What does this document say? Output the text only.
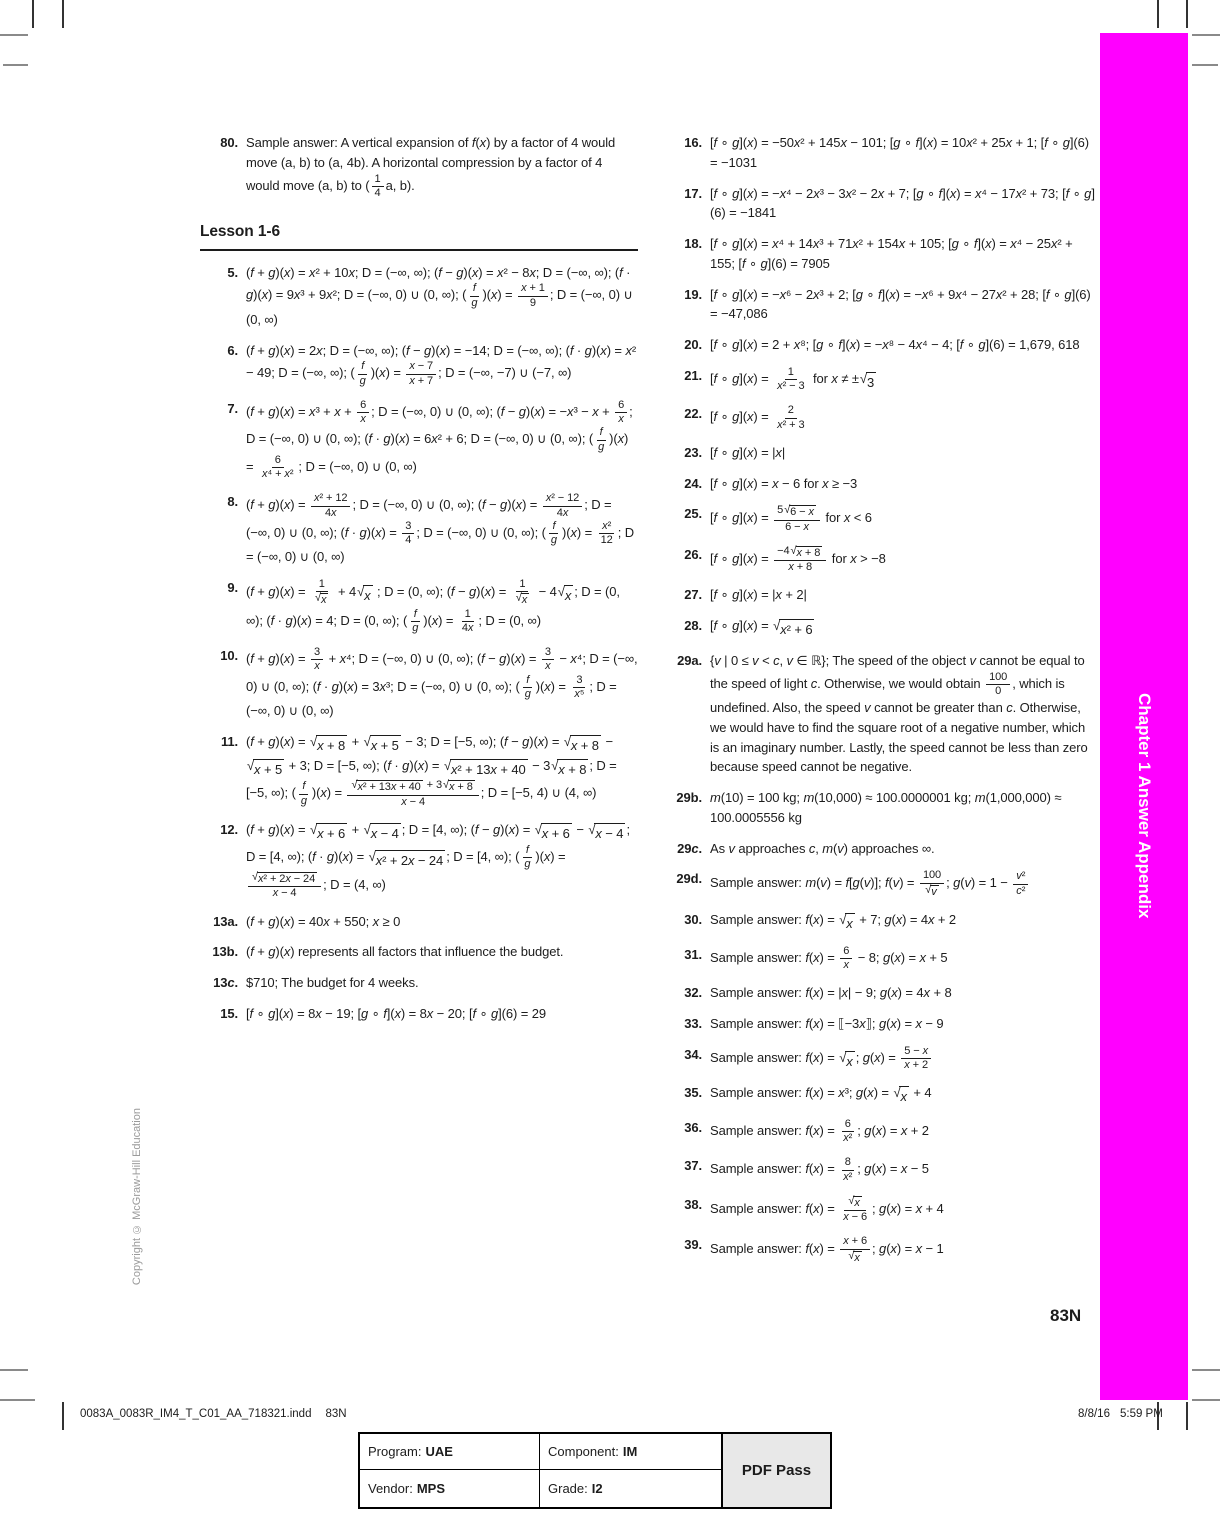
80. Sample answer: A vertical expansion of f(x) by a factor of 4 would move (a, b) to (a, 4b). A horizontal compression by a factor of 4 would move (a, b) to ( $\frac{1}{4} a$, b).
Lesson 1-6
5. (f + g)(x) = x² + 10x; D = (−∞, ∞); (f − g)(x) = x² − 8x; D = (−∞, ∞); (f · g)(x) = 9x³ + 9x²; D = (−∞, 0) ∪ (0, ∞); ( $\frac{f}{g} )(x) = \frac{x + 1}{9}$ ; D = (−∞, 0) ∪ (0, ∞)
6. (f + g)(x) = 2x; D = (−∞, ∞); (f − g)(x) = −14; D = (−∞, ∞); (f · g)(x) = x² − 49; D = (−∞, ∞); ( $\frac{f}{g} )(x) = \frac{x - 7}{x + 7}$ ; D = (−∞, −7) ∪ (−7, ∞)
7. $(f + g)(x) = x^3 + x + \frac{6}{x}$ ; D = (−∞, 0) ∪ (0, ∞); $(f - g)(x) = -x^3 - x + \frac{6}{x}$ ; D = (−∞, 0) ∪ (0, ∞); (f · g)(x) = 6x² + 6; D = (−∞, 0) ∪ (0, ∞); ( $\frac{f}{g} )(x) = \frac{6}{\text{x⁴ + x²}}$ ; D = (−∞, 0) ∪ (0, ∞)
8. $(f + g)(x) = \frac{\text{x² + 12}}{4x}$ ; D = (−∞, 0) ∪ (0, ∞); $(f - g)(x) = \frac{\text{x² − 12}}{4x}$ ; D = (−∞, 0) ∪ (0, ∞); $(f \cdot g)(x) = \frac{3}{4}$ ; D = (−∞, 0) ∪ (0, ∞); ( $\frac{f}{g} )(x) = \frac{\text{x²}}{12}$ ; D = (−∞, 0) ∪ (0, ∞)
9. $(f + g)(x) = \frac{1}{√ x} + 4$ √ x ; D = (0, ∞); $(f - g)(x) = \frac{1}{√ x} - 4$ √ x ; D = (0, ∞); (f · g)(x) = 4; D = (0, ∞); ( $\frac{f}{g} )(x) = \frac{1}{4x}$ ; D = (0, ∞)
10. $(f + g)(x) = \frac{3}{x} + x^4$; D = (−∞, 0) ∪ (0, ∞); $(f - g)(x) = \frac{3}{x} - x^4$; D = (−∞, 0) ∪ (0, ∞); (f · g)(x) = 3x³; D = (−∞, 0) ∪ (0, ∞); ( $\frac{f}{g} )(x) = \frac{3}{\text{x⁵}}$ ; D = (−∞, 0) ∪ (0, ∞)
11. (f + g)(x) = √ x + 8 + √ x + 5 − 3; D = [−5, ∞); (f − g)(x) = √ x + 8 −
√ x + 5 + 3; D = [−5, ∞); (f · g)(x) = √ x² + 13x + 40 − 3 √ x + 8 ; D = [−5, ∞); ( $\frac{f}{g} )(x) = \frac{\text{√ x² + 13x + 40 + 3 √ x + 8}}{x - 4}$ ; D = [−5, 4) ∪ (4, ∞)
12. (f + g)(x) = √ x + 6 + √ x − 4 ; D = [4, ∞); (f − g)(x) = √ x + 6 − √ x − 4 ; D = [4, ∞); (f · g)(x) = √ x² + 2x − 24 ; D = [4, ∞); ( $\frac{f}{g} )(x)$ =
$\frac{\text{√ x² + 2x − 24}}{x - 4}$ ; D = (4, ∞)
13a. (f + g)(x) = 40x + 550; x ≥ 0
13b. (f + g)(x) represents all factors that influence the budget.
13c. $710; The budget for 4 weeks.
15. [f ∘ g](x) = 8x − 19; [g ∘ f](x) = 8x − 20; [f ∘ g](6) = 29
16. [f ∘ g](x) = −50x² + 145x − 101; [g ∘ f](x) = 10x² + 25x + 1; [f ∘ g](6) = −1031
17. [f ∘ g](x) = −x⁴ − 2x³ − 3x² − 2x + 7; [g ∘ f](x) = x⁴ − 17x² + 73; [f ∘ g](6) = −1841
18. [f ∘ g](x) = x⁴ + 14x³ + 71x² + 154x + 105; [g ∘ f](x) = x⁴ − 25x² + 155; [f ∘ g](6) = 7905
19. [f ∘ g](x) = −x⁶ − 2x³ + 2; [g ∘ f](x) = −x⁶ + 9x⁴ − 27x² + 28; [f ∘ g](6) = −47,086
20. [f ∘ g](x) = 2 + x⁸; [g ∘ f](x) = −x⁸ − 4x⁴ − 4; [f ∘ g](6) = 1,679, 618
21. [f ∘ $g](x) = \frac{1}{\text{x² − 3}}$ for x ≠ ± √ 3
22. [f ∘ $g](x) = \frac{2}{\text{x² + 3}}$
23. [f ∘ g](x) = |x|
24. [f ∘ g](x) = x − 6 for x ≥ −3
25. [f ∘ $g](x) = \frac{5 √ 6 - x}{6 - x}$ for x < 6
26. [f ∘ $g](x) = \frac{-4 √ x + 8}{x + 8}$ for x > −8
27. [f ∘ g](x) = |x + 2|
28. [f ∘ g](x) = √ x² + 6
29a. {v | 0 ≤ v < c, v ∈ ℝ}; The speed of the object v cannot be equal to the speed of light c. Otherwise, we would obtain $\frac{100}{0}$ , which is undefined. Also, the speed v cannot be greater than c. Otherwise, we would have to find the square root of a negative number, which is an imaginary number. Lastly, the speed cannot be less than zero because speed cannot be negative.
29b. m(10) = 100 kg; m(10,000) ≈ 100.0000001 kg; m(1,000,000) ≈ 100.0005556 kg
29c. As v approaches c, m(v) approaches ∞.
29d. Sample answer: m(v) = f[g(v)]; $f(v) = \frac{100}{√ v}$ ; $g(v) = 1 - \frac{\text{v²}}{\text{c²}}$
30. Sample answer: f(x) = √ x + 7; g(x) = 4x + 2
31. Sample answer: $f(x) = \frac{6}{x} - 8$; g(x) = x + 5
32. Sample answer: f(x) = |x| − 9; g(x) = 4x + 8
33. Sample answer: f(x) = ⟦−3x⟧; g(x) = x − 9
34. Sample answer: f(x) = √ x ; $g(x) = \frac{5 - x}{x + 2}$
35. Sample answer: f(x) = x³; g(x) = √ x + 4
36. Sample answer: $f(x) = \frac{6}{\text{x²}}$ ; g(x) = x + 2
37. Sample answer: $f(x) = \frac{8}{\text{x²}}$ ; g(x) = x − 5
38. Sample answer: $f(x) = \frac{√ x}{x - 6}$ ; g(x) = x + 4
39. Sample answer: $f(x) = \frac{x + 6}{√ x}$ ; g(x) = x − 1
Chapter 1 Answer Appendix
83N
Copyright © McGraw-Hill Education
0083A_0083R_IM4_T_C01_AA_718321.indd 83N	8/8/16 5:59 PM
Program: UAE	Component: IM
PDF Pass
Vendor: MPS	Grade: I2
